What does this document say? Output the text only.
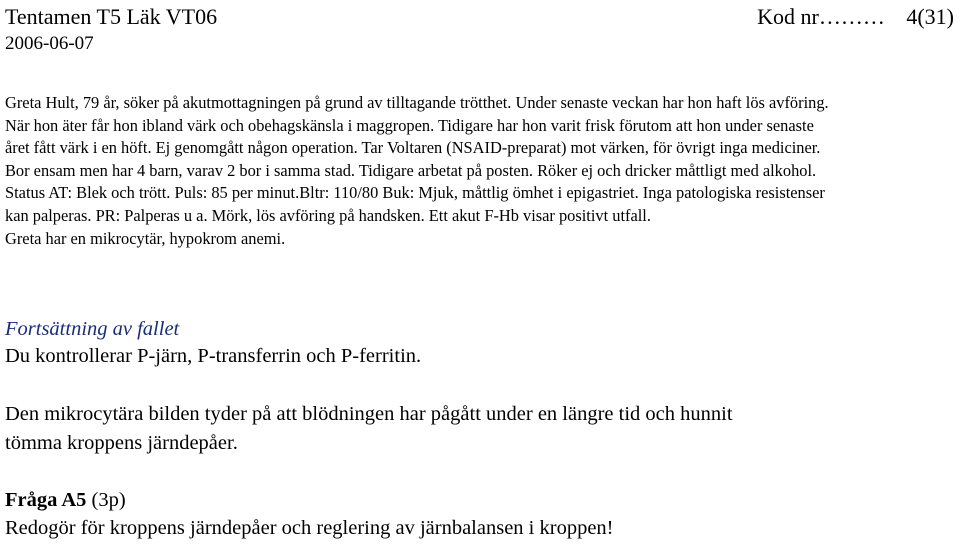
Tentamen T5 Läk VT06
2006-06-07
Kod nr……… 4(31)
Greta Hult, 79 år, söker på akutmottagningen på grund av tilltagande trötthet. Under senaste veckan har hon haft lös avföring.
När hon äter får hon ibland värk och obehagskänsla i maggropen. Tidigare har hon varit frisk förutom att hon under senaste
året fått värk i en höft. Ej genomgått någon operation. Tar Voltaren (NSAID-preparat) mot värken, för övrigt inga mediciner.
Bor ensam men har 4 barn, varav 2 bor i samma stad. Tidigare arbetat på posten. Röker ej och dricker måttligt med alkohol.
Status AT: Blek och trött. Puls: 85 per minut.Bltr: 110/80 Buk: Mjuk, måttlig ömhet i epigastriet. Inga patologiska resistenser
kan palperas. PR: Palperas u a. Mörk, lös avföring på handsken. Ett akut F-Hb visar positivt utfall.
Greta har en mikrocytär, hypokrom anemi.
Fortsättning av fallet
Du kontrollerar P-järn, P-transferrin och P-ferritin.
Den mikrocytära bilden tyder på att blödningen har pågått under en längre tid och hunnit
tömma kroppens järndepåer.
Fråga A5 (3p)
Redogör för kroppens järndepåer och reglering av järnbalansen i kroppen!
